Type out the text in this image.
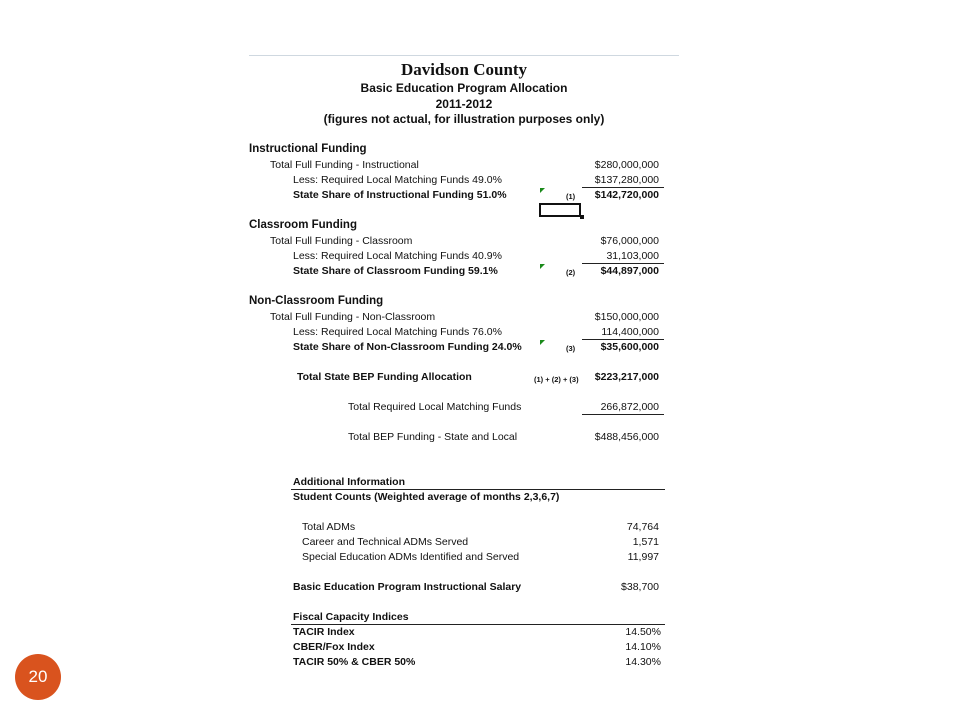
Davidson County
Basic Education Program Allocation
2011-2012
(figures not actual, for illustration purposes only)
Instructional Funding
Total Full Funding - Instructional	$280,000,000
Less: Required Local Matching Funds 49.0%	$137,280,000
State Share of Instructional Funding 51.0%	(1)	$142,720,000
Classroom Funding
Total Full Funding - Classroom	$76,000,000
Less: Required Local Matching Funds 40.9%	31,103,000
State Share of Classroom Funding 59.1%	(2)	$44,897,000
Non-Classroom Funding
Total Full Funding - Non-Classroom	$150,000,000
Less: Required Local Matching Funds 76.0%	114,400,000
State Share of Non-Classroom Funding 24.0%	(3)	$35,600,000
Total State BEP Funding Allocation	(1) + (2) + (3)	$223,217,000
Total Required Local Matching Funds	266,872,000
Total BEP Funding - State and Local	$488,456,000
Additional Information
Student Counts (Weighted average of months 2,3,6,7)
Total ADMs	74,764
Career and Technical ADMs Served	1,571
Special Education ADMs Identified and Served	11,997
Basic Education Program Instructional Salary	$38,700
Fiscal Capacity Indices
TACIR Index	14.50%
CBER/Fox Index	14.10%
TACIR 50% & CBER 50%	14.30%
20
